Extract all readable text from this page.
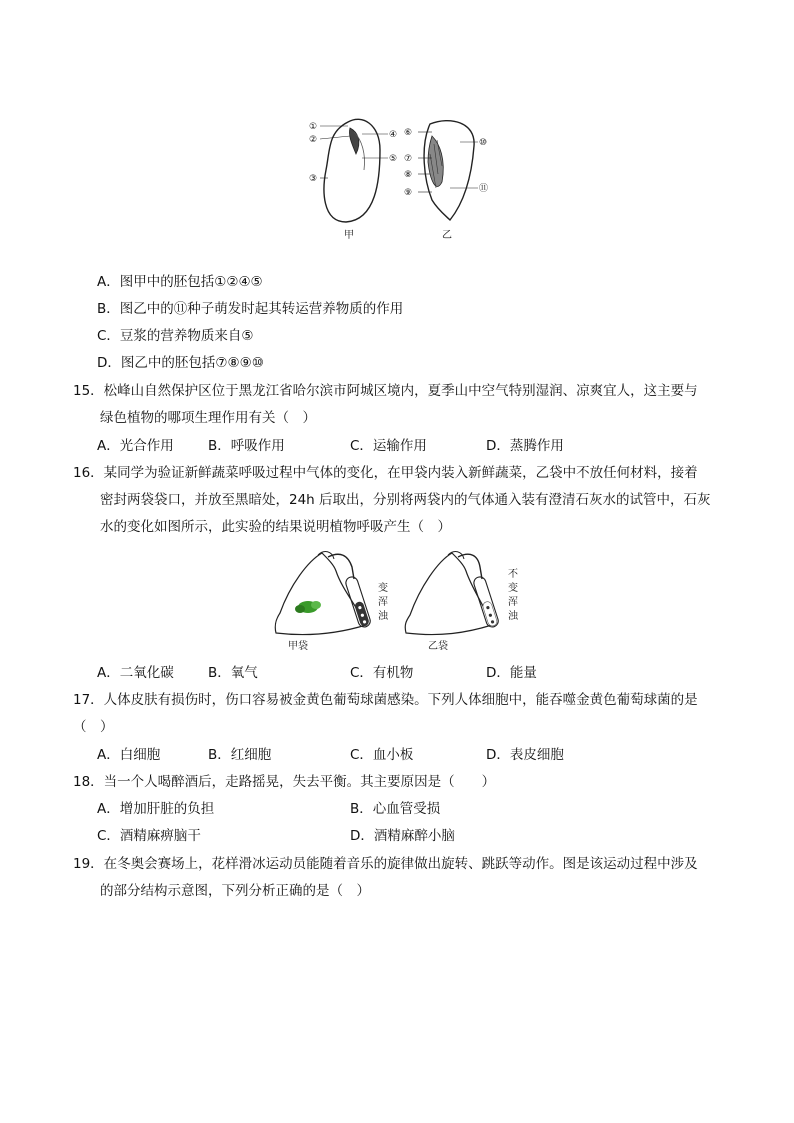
①
②
③
④
⑤
甲
⑥
⑦
⑧
⑨
⑩
⑪
乙
A．图甲中的胚包括①②④⑤
B．图乙中的⑪种子萌发时起其转运营养物质的作用
C．豆浆的营养物质来自⑤
D．图乙中的胚包括⑦⑧⑨⑩
15．松峰山自然保护区位于黑龙江省哈尔滨市阿城区境内，夏季山中空气特别湿润、凉爽宜人，这主要与
绿色植物的哪项生理作用有关（　）
A．光合作用	B．呼吸作用	C．运输作用	D．蒸腾作用
16．某同学为验证新鲜蔬菜呼吸过程中气体的变化，在甲袋内装入新鲜蔬菜，乙袋中不放任何材料，接着
密封两袋袋口，并放至黑暗处，24h 后取出，分别将两袋内的气体通入装有澄清石灰水的试管中，石灰
水的变化如图所示，此实验的结果说明植物呼吸产生（　）
变
浑
浊
甲袋
不
变
浑
浊
乙袋
A．二氧化碳	B．氧气	C．有机物	D．能量
17．人体皮肤有损伤时，伤口容易被金黄色葡萄球菌感染。下列人体细胞中，能吞噬金黄色葡萄球菌的是
（　）
A．白细胞	B．红细胞	C．血小板	D．表皮细胞
18．当一个人喝醉酒后，走路摇晃，失去平衡。其主要原因是（　　）
A．增加肝脏的负担	B．心血管受损
C．酒精麻痹脑干	D．酒精麻醉小脑
19．在冬奥会赛场上，花样滑冰运动员能随着音乐的旋律做出旋转、跳跃等动作。图是该运动过程中涉及
的部分结构示意图，下列分析正确的是（　）
